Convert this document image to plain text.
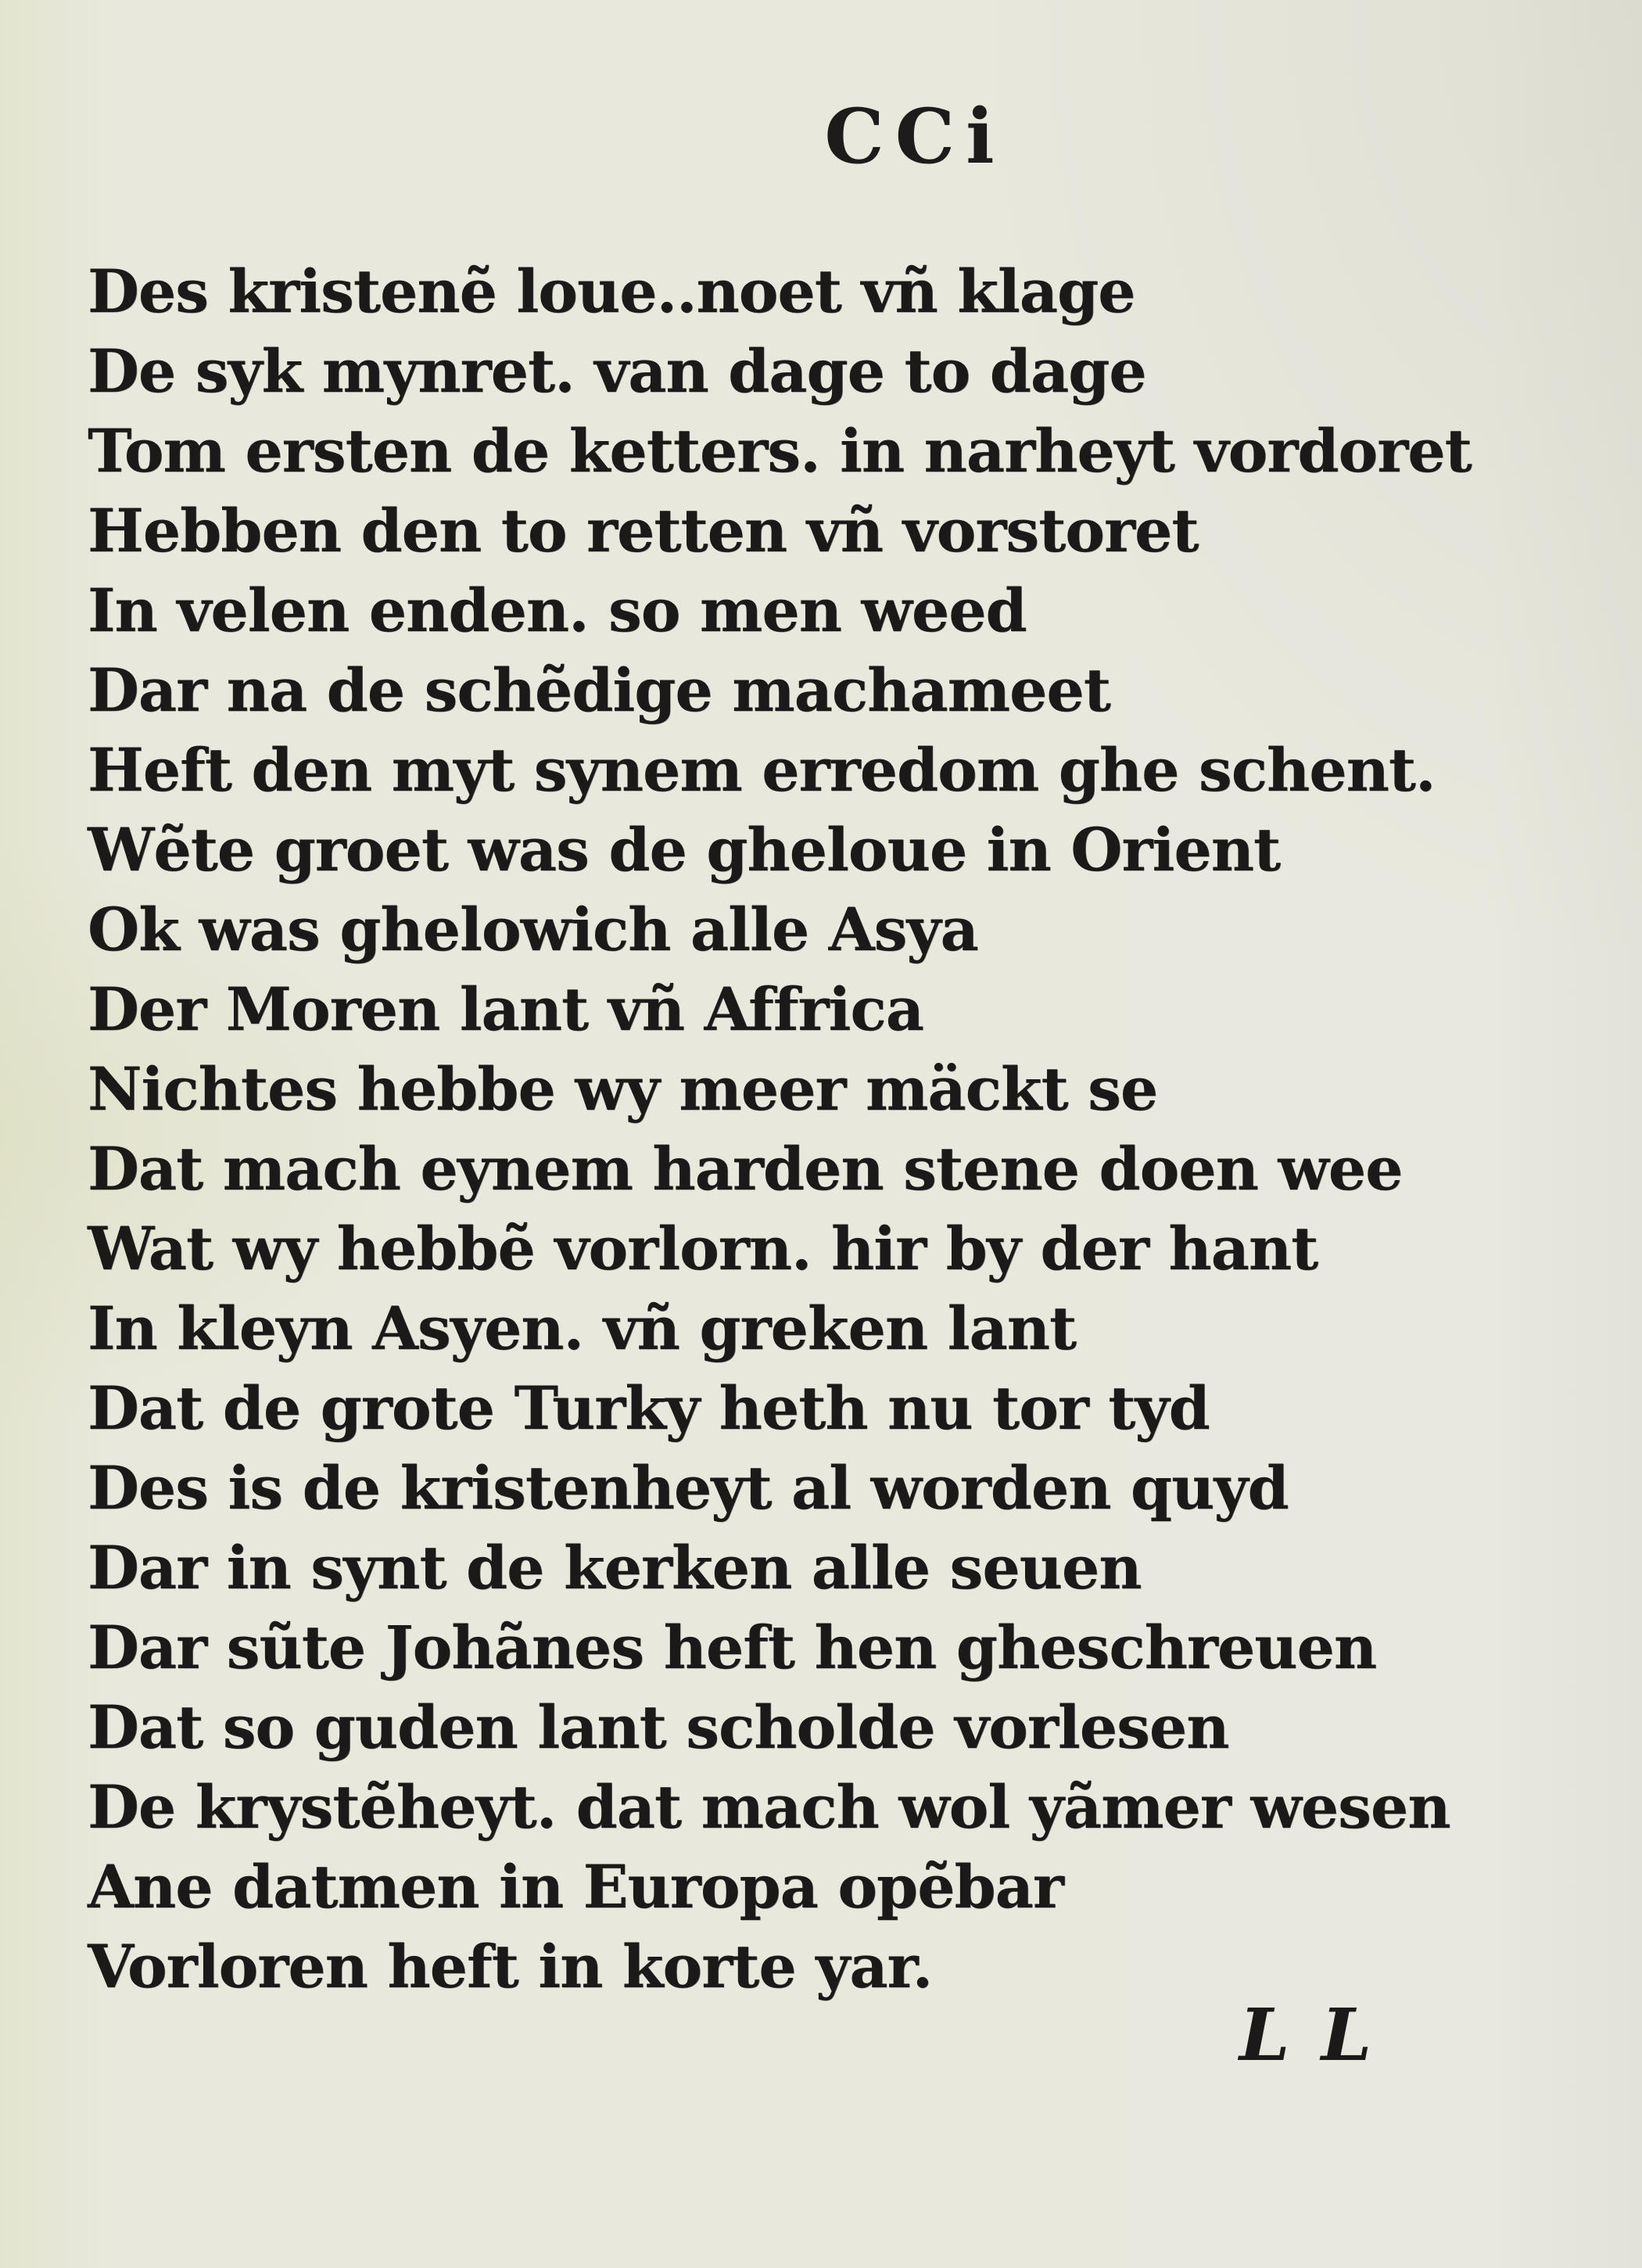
CCi
Des kristenẽ loue..noet vñ klage
De syk mynret. van dage to dage
Tom ersten de ketters. in narheyt vordoret
Hebben den to retten vñ vorstoret
In velen enden. so men weed
Dar na de schẽdige machameet
Heft den myt synem erredom ghe schent.
Wẽte groet was de gheloue in Orient
Ok was ghelowich alle Asya
Der Moren lant vñ Affrica
Nichtes hebbe wy meer mäckt se
Dat mach eynem harden stene doen wee
Wat wy hebbẽ vorlorn. hir by der hant
In kleyn Asyen. vñ greken lant
Dat de grote Turky heth nu tor tyd
Des is de kristenheyt al worden quyd
Dar in synt de kerken alle seuen
Dar sũte Johãnes heft hen gheschreuen
Dat so guden lant scholde vorlesen
De krystẽheyt. dat mach wol yãmer wesen
Ane datmen in Europa opẽbar
Vorloren heft in korte yar.
LL
